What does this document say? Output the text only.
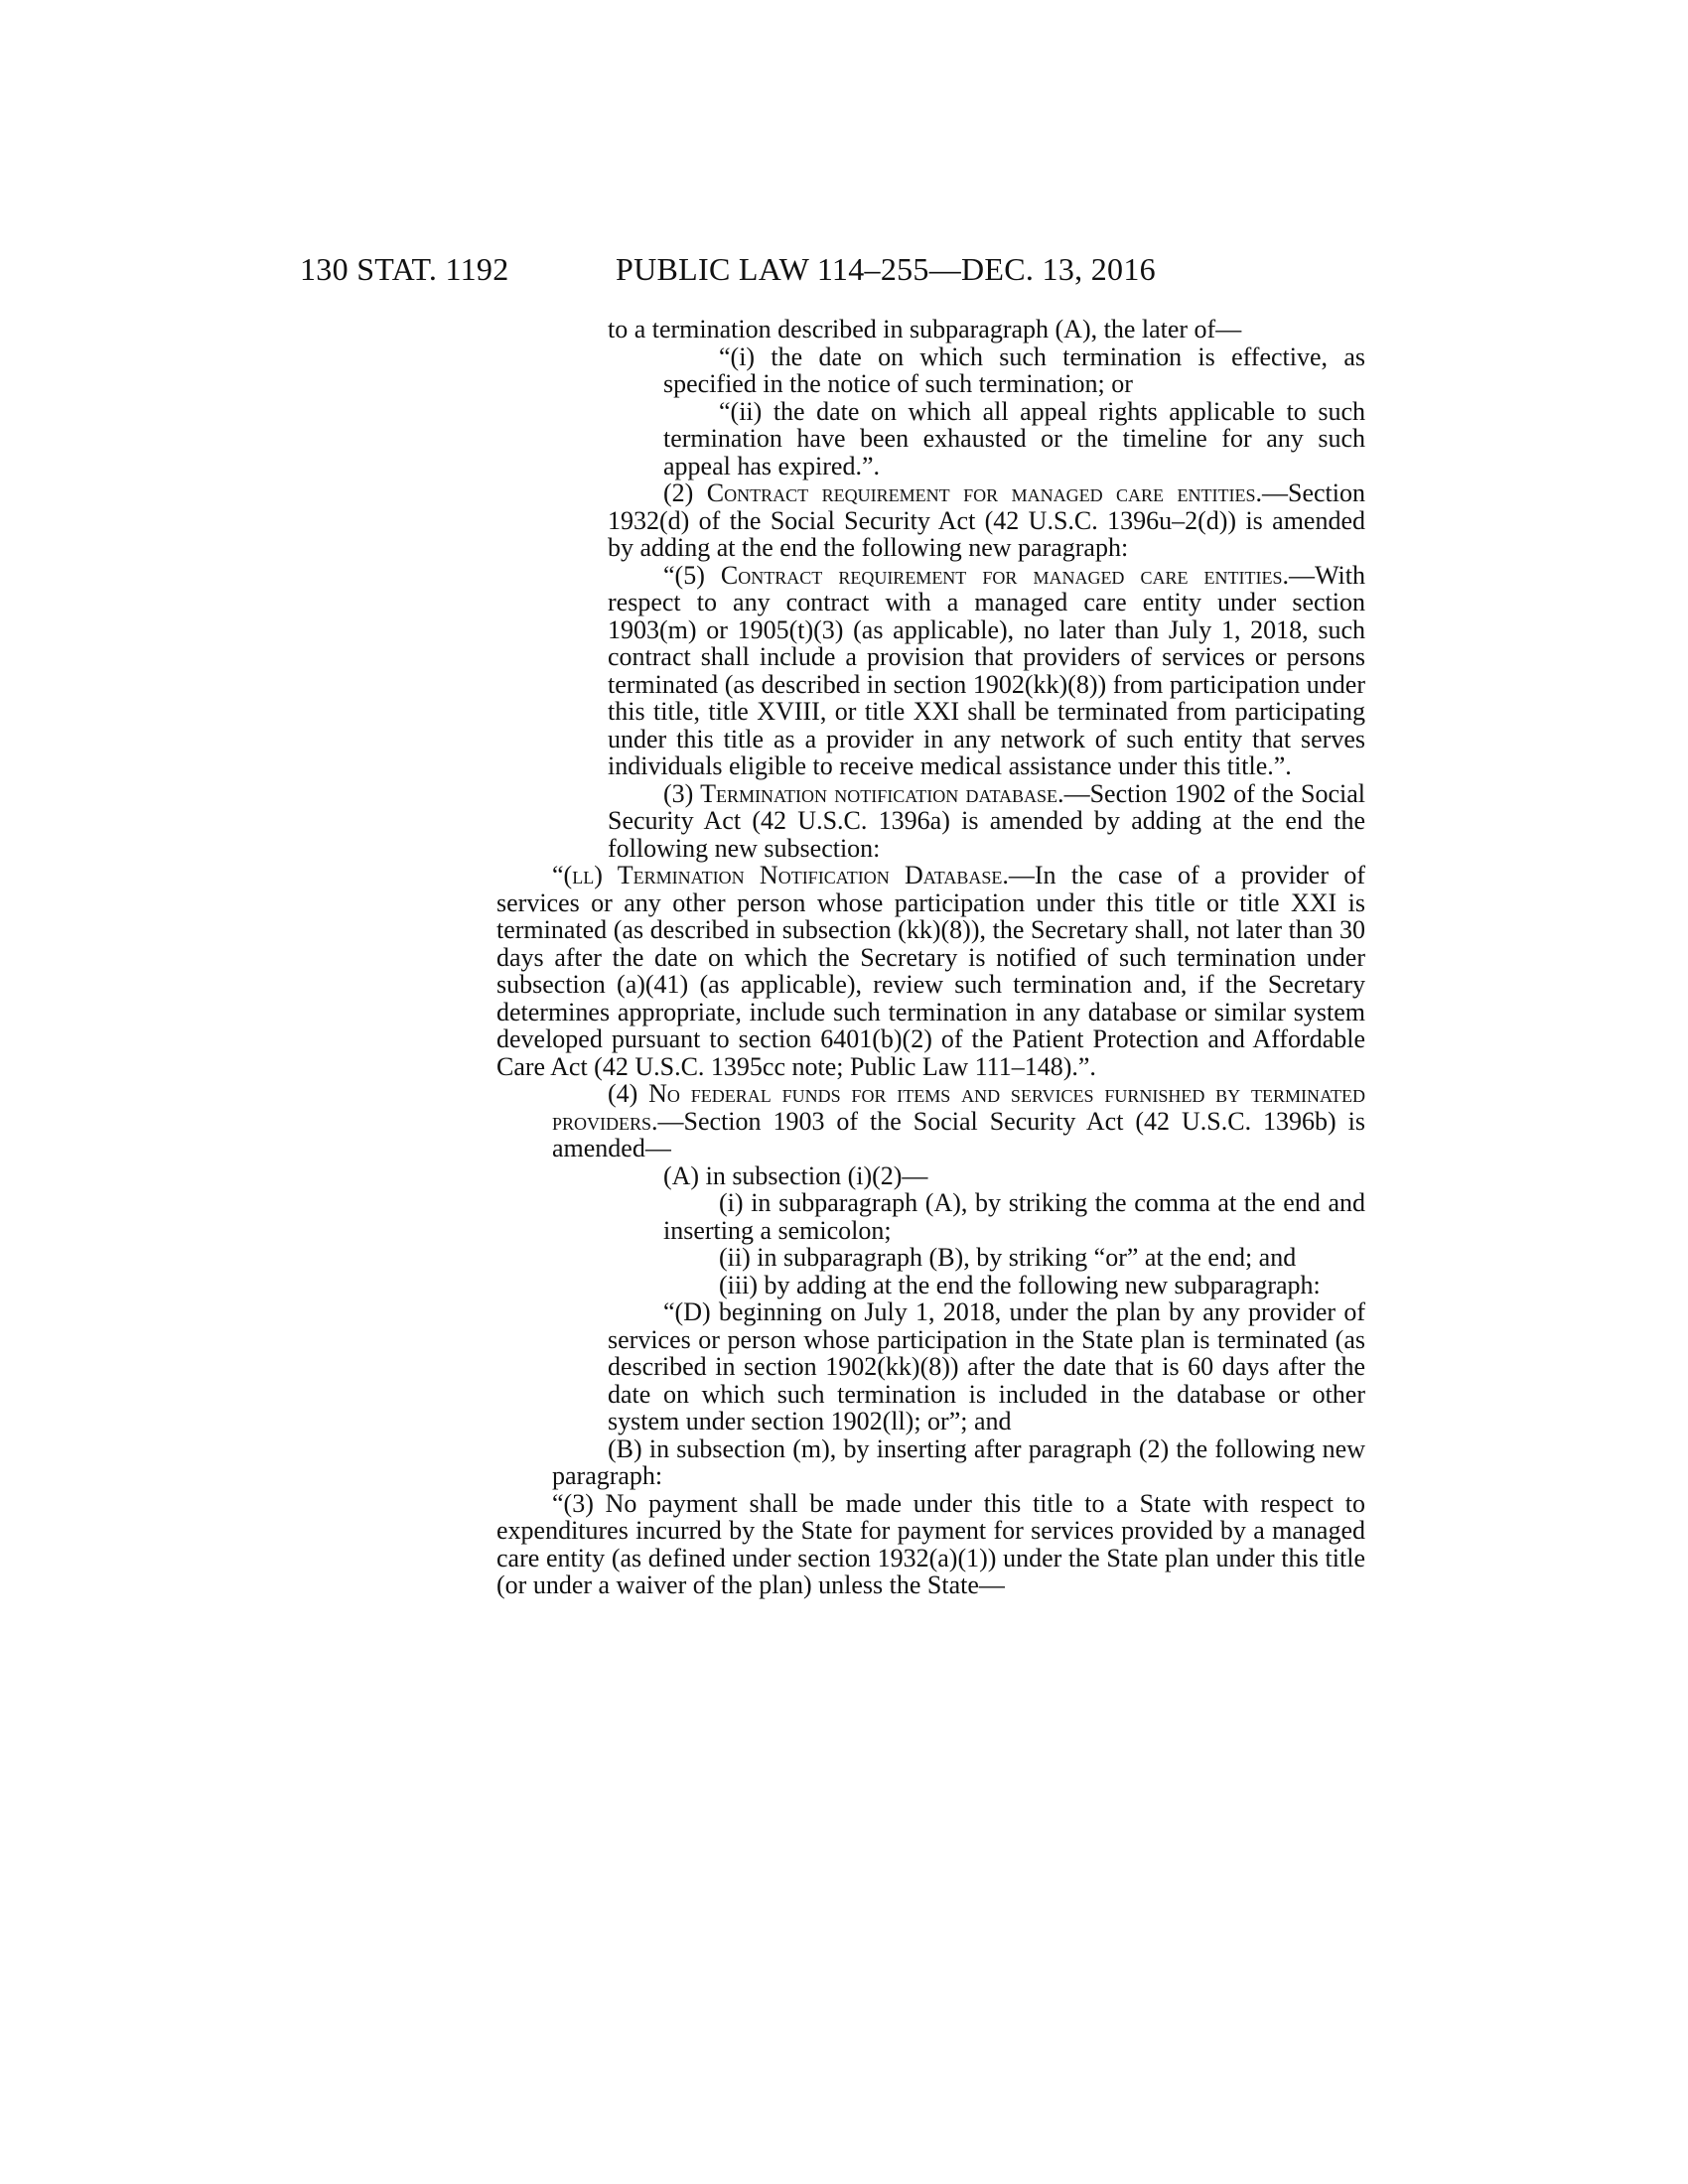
130 STAT. 1192	PUBLIC LAW 114–255—DEC. 13, 2016

to a termination described in subparagraph (A), the later of—

“(i) the date on which such termination is effective, as specified in the notice of such termination; or

“(ii) the date on which all appeal rights applicable to such termination have been exhausted or the timeline for any such appeal has expired.”.

(2) Contract requirement for managed care entities.—Section 1932(d) of the Social Security Act (42 U.S.C. 1396u–2(d)) is amended by adding at the end the following new paragraph:

“(5) Contract requirement for managed care entities.—With respect to any contract with a managed care entity under section 1903(m) or 1905(t)(3) (as applicable), no later than July 1, 2018, such contract shall include a provision that providers of services or persons terminated (as described in section 1902(kk)(8)) from participation under this title, title XVIII, or title XXI shall be terminated from participating under this title as a provider in any network of such entity that serves individuals eligible to receive medical assistance under this title.”.

(3) Termination notification database.—Section 1902 of the Social Security Act (42 U.S.C. 1396a) is amended by adding at the end the following new subsection:

“(ll) Termination Notification Database.—In the case of a provider of services or any other person whose participation under this title or title XXI is terminated (as described in subsection (kk)(8)), the Secretary shall, not later than 30 days after the date on which the Secretary is notified of such termination under subsection (a)(41) (as applicable), review such termination and, if the Secretary determines appropriate, include such termination in any database or similar system developed pursuant to section 6401(b)(2) of the Patient Protection and Affordable Care Act (42 U.S.C. 1395cc note; Public Law 111–148).”.

(4) No federal funds for items and services furnished by terminated providers.—Section 1903 of the Social Security Act (42 U.S.C. 1396b) is amended—

(A) in subsection (i)(2)—

(i) in subparagraph (A), by striking the comma at the end and inserting a semicolon;

(ii) in subparagraph (B), by striking “or” at the end; and

(iii) by adding at the end the following new subparagraph:

“(D) beginning on July 1, 2018, under the plan by any provider of services or person whose participation in the State plan is terminated (as described in section 1902(kk)(8)) after the date that is 60 days after the date on which such termination is included in the database or other system under section 1902(ll); or”; and

(B) in subsection (m), by inserting after paragraph (2) the following new paragraph:

“(3) No payment shall be made under this title to a State with respect to expenditures incurred by the State for payment for services provided by a managed care entity (as defined under section 1932(a)(1)) under the State plan under this title (or under a waiver of the plan) unless the State—
